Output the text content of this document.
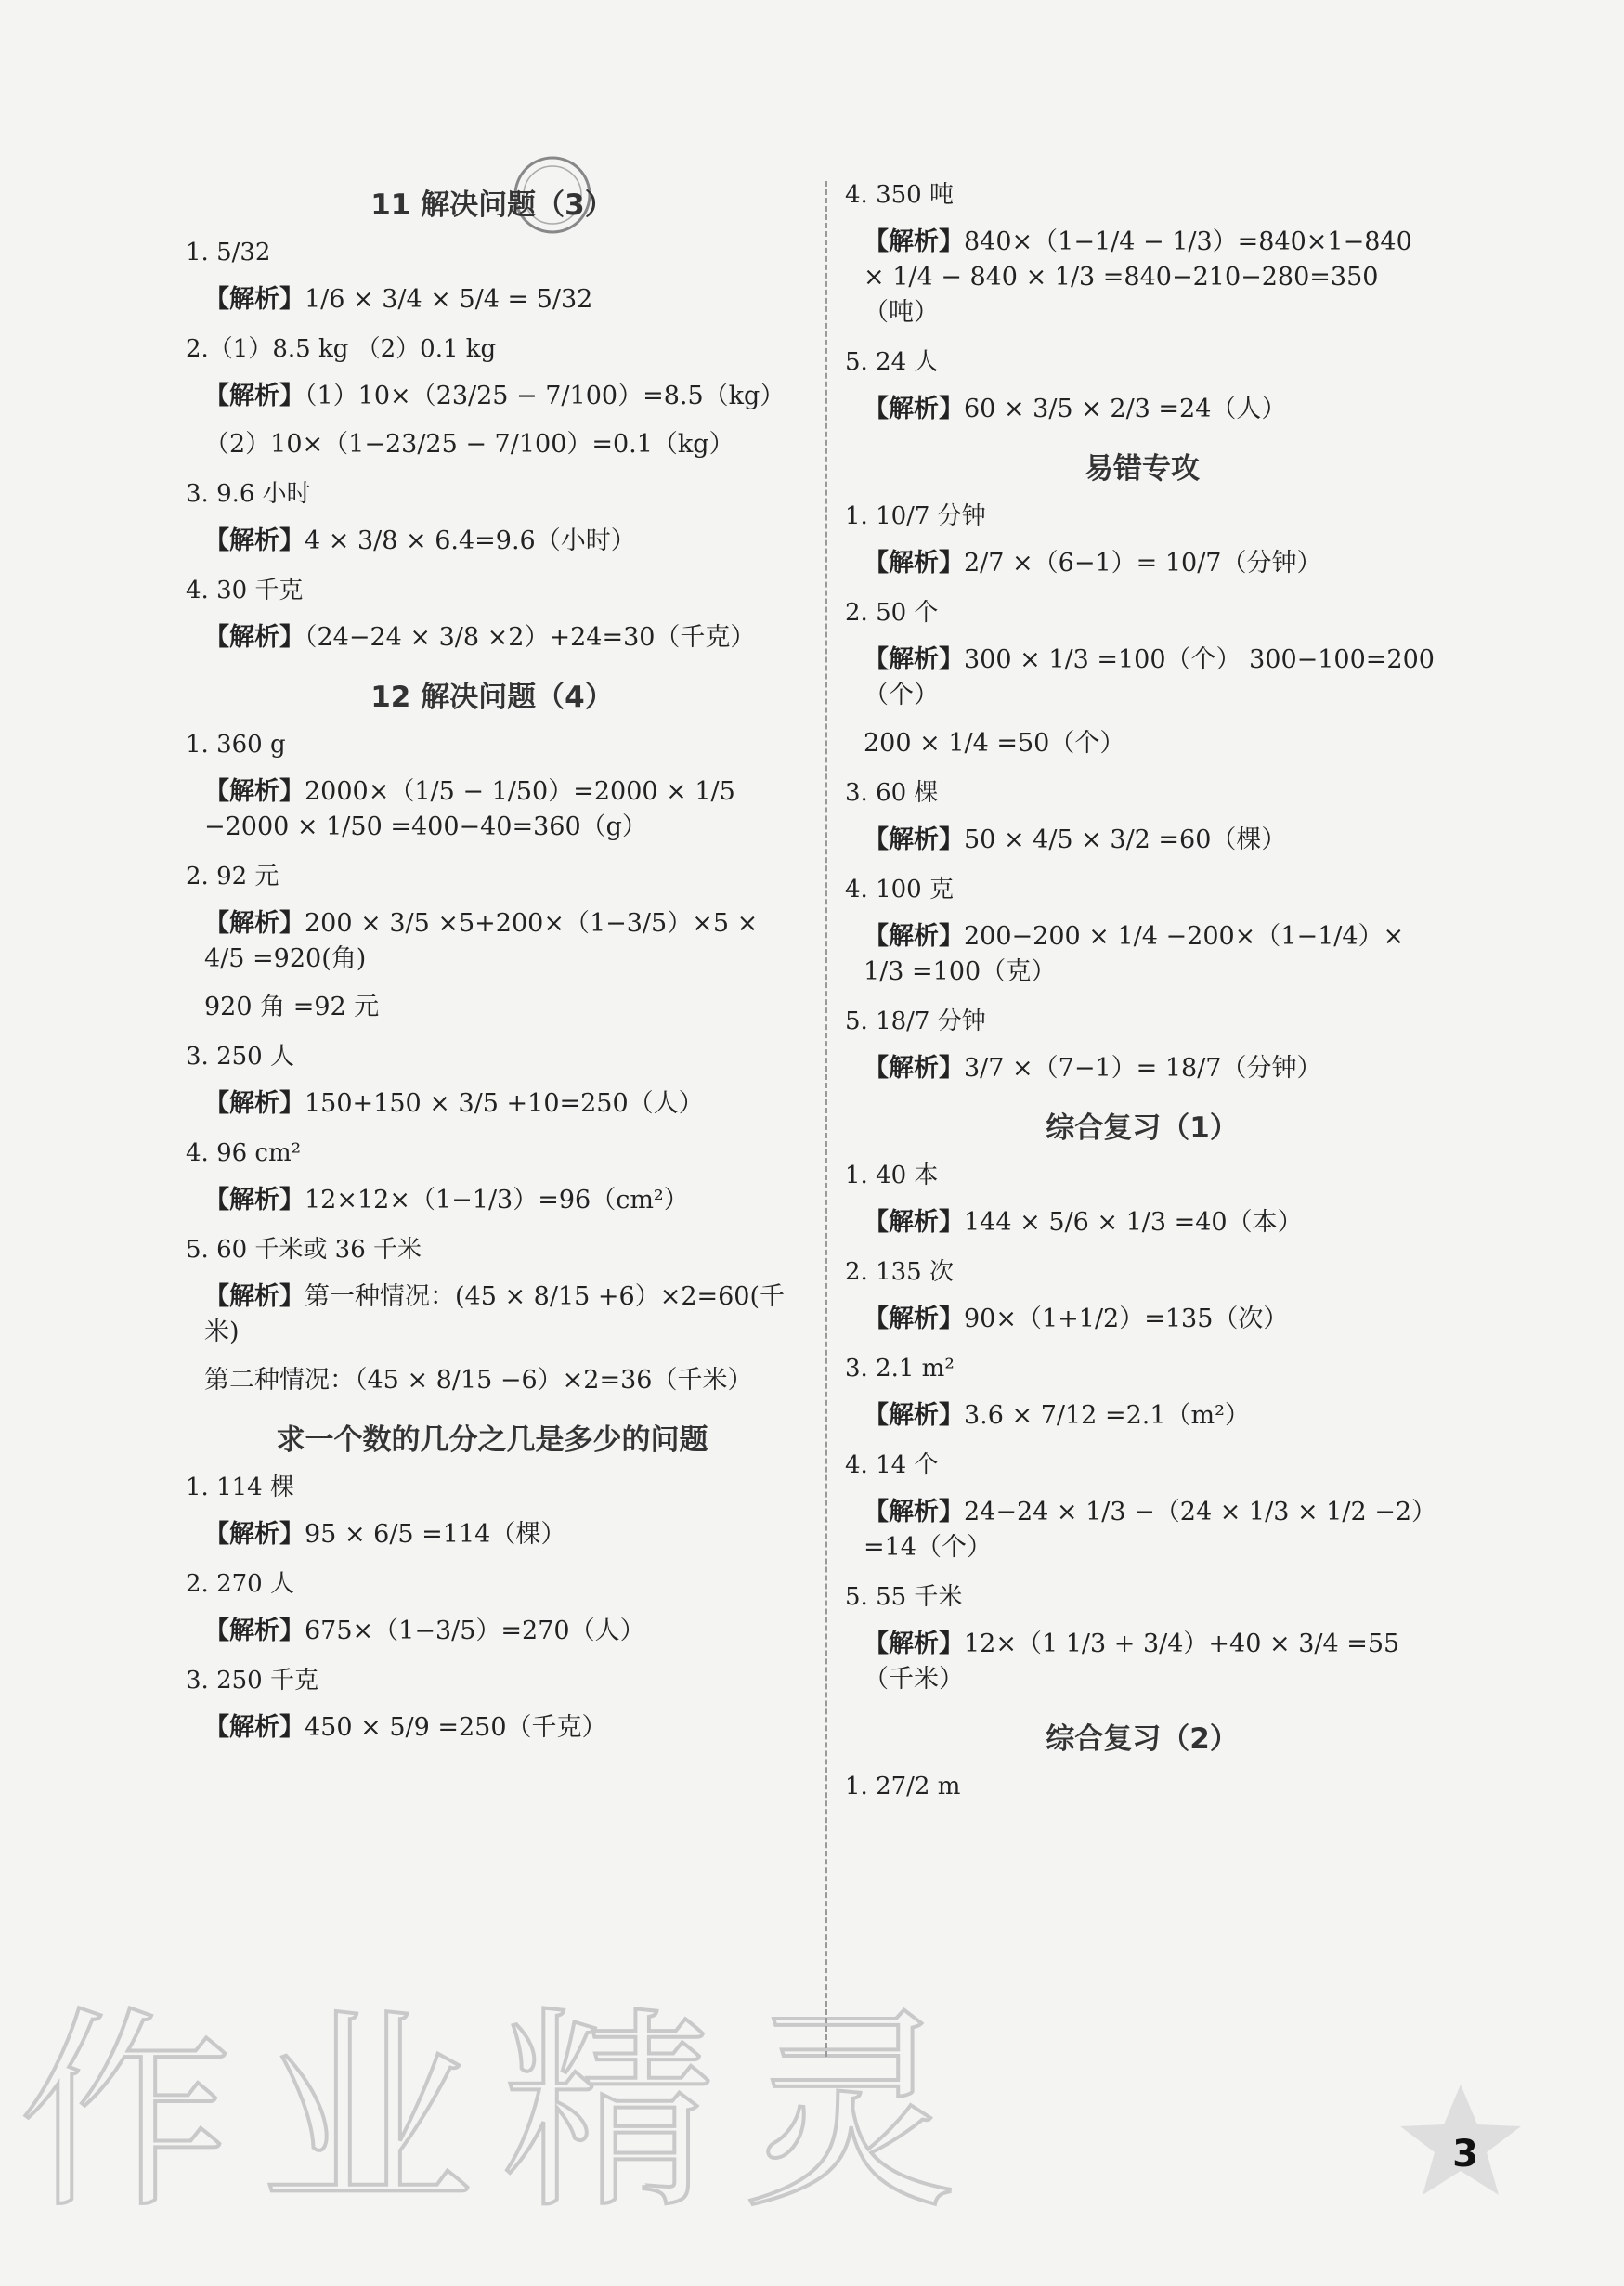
作业精灵
11 解决问题（3）

1. 5/32

【解析】1/6 × 3/4 × 5/4 = 5/32

2.（1）8.5 kg （2）0.1 kg

【解析】（1）10×（23/25 − 7/100）=8.5（kg）

（2）10×（1−23/25 − 7/100）=0.1（kg）

3. 9.6 小时

【解析】4 × 3/8 × 6.4=9.6（小时）

4. 30 千克

【解析】（24−24 × 3/8 ×2）+24=30（千克）

12 解决问题（4）

1. 360 g

【解析】2000×（1/5 − 1/50）=2000 × 1/5 −2000 × 1/50 =400−40=360（g）

2. 92 元

【解析】200 × 3/5 ×5+200×（1−3/5）×5 × 4/5 =920(角)

920 角 =92 元

3. 250 人

【解析】150+150 × 3/5 +10=250（人）

4. 96 cm²

【解析】12×12×（1−1/3）=96（cm²）

5. 60 千米或 36 千米

【解析】第一种情况：(45 × 8/15 +6）×2=60(千米)

第二种情况：（45 × 8/15 −6）×2=36（千米）

求一个数的几分之几是多少的问题

1. 114 棵

【解析】95 × 6/5 =114（棵）

2. 270 人

【解析】675×（1−3/5）=270（人）

3. 250 千克

【解析】450 × 5/9 =250（千克）

4. 350 吨

【解析】840×（1−1/4 − 1/3）=840×1−840 × 1/4 − 840 × 1/3 =840−210−280=350（吨）

5. 24 人

【解析】60 × 3/5 × 2/3 =24（人）

易错专攻

1. 10/7 分钟

【解析】2/7 ×（6−1）= 10/7（分钟）

2. 50 个

【解析】300 × 1/3 =100（个） 300−100=200（个）

200 × 1/4 =50（个）

3. 60 棵

【解析】50 × 4/5 × 3/2 =60（棵）

4. 100 克

【解析】200−200 × 1/4 −200×（1−1/4）× 1/3 =100（克）

5. 18/7 分钟

【解析】3/7 ×（7−1）= 18/7（分钟）

综合复习（1）

1. 40 本

【解析】144 × 5/6 × 1/3 =40（本）

2. 135 次

【解析】90×（1+1/2）=135（次）

3. 2.1 m²

【解析】3.6 × 7/12 =2.1（m²）

4. 14 个

【解析】24−24 × 1/3 −（24 × 1/3 × 1/2 −2）=14（个）

5. 55 千米

【解析】12×（1 1/3 + 3/4）+40 × 3/4 =55（千米）

综合复习（2）

1. 27/2 m

3
